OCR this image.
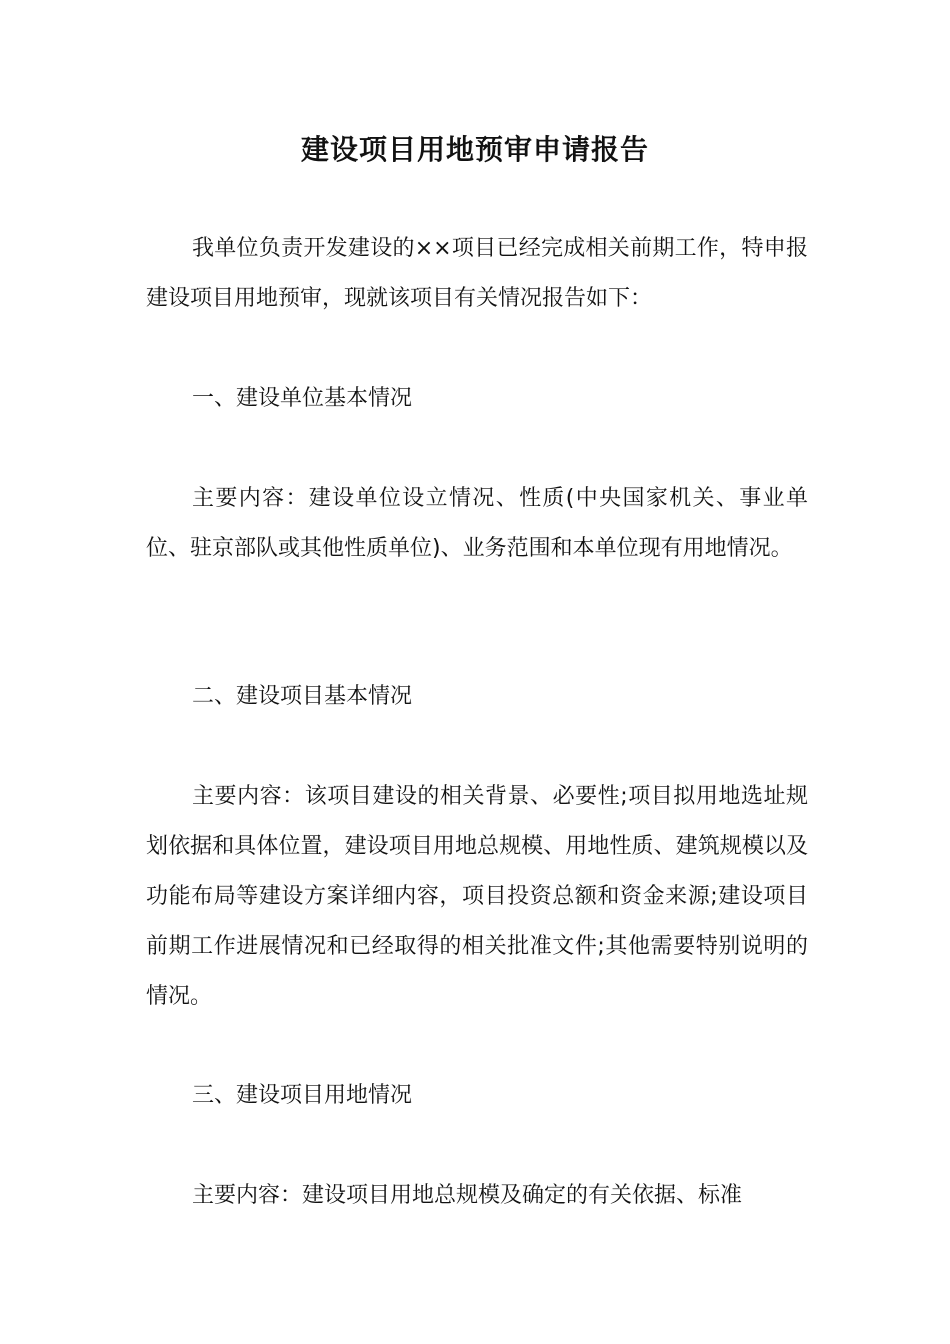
建设项目用地预审申请报告
我单位负责开发建设的××项目已经完成相关前期工作，特申报建设项目用地预审，现就该项目有关情况报告如下：
一、建设单位基本情况
主要内容：建设单位设立情况、性质(中央国家机关、事业单位、驻京部队或其他性质单位)、业务范围和本单位现有用地情况。
二、建设项目基本情况
主要内容：该项目建设的相关背景、必要性;项目拟用地选址规划依据和具体位置，建设项目用地总规模、用地性质、建筑规模以及功能布局等建设方案详细内容，项目投资总额和资金来源;建设项目前期工作进展情况和已经取得的相关批准文件;其他需要特别说明的情况。
三、建设项目用地情况
主要内容：建设项目用地总规模及确定的有关依据、标准
